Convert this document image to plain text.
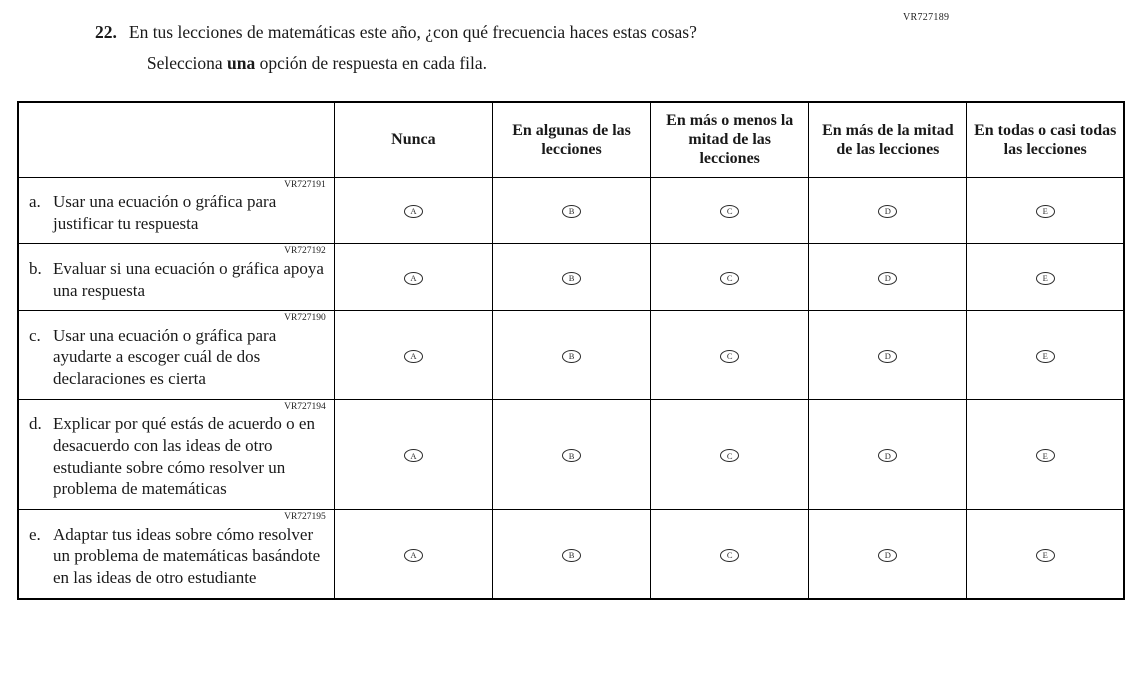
VR727189
22. En tus lecciones de matemáticas este año, ¿con qué frecuencia haces estas cosas?
Selecciona una opción de respuesta en cada fila.
	Nunca	En algunas de las lecciones	En más o menos la mitad de las lecciones	En más de la mitad de las lecciones	En todas o casi todas las lecciones

VR727191
a. Usar una ecuación o gráfica para justificar tu respuesta	A	B	C	D	E

VR727192
b. Evaluar si una ecuación o gráfica apoya una respuesta	A	B	C	D	E

VR727190
c. Usar una ecuación o gráfica para ayudarte a escoger cuál de dos declaraciones es cierta	A	B	C	D	E

VR727194
d. Explicar por qué estás de acuerdo o en desacuerdo con las ideas de otro estudiante sobre cómo resolver un problema de matemáticas	A	B	C	D	E

VR727195
e. Adaptar tus ideas sobre cómo resolver un problema de matemáticas basándote en las ideas de otro estudiante	A	B	C	D	E
